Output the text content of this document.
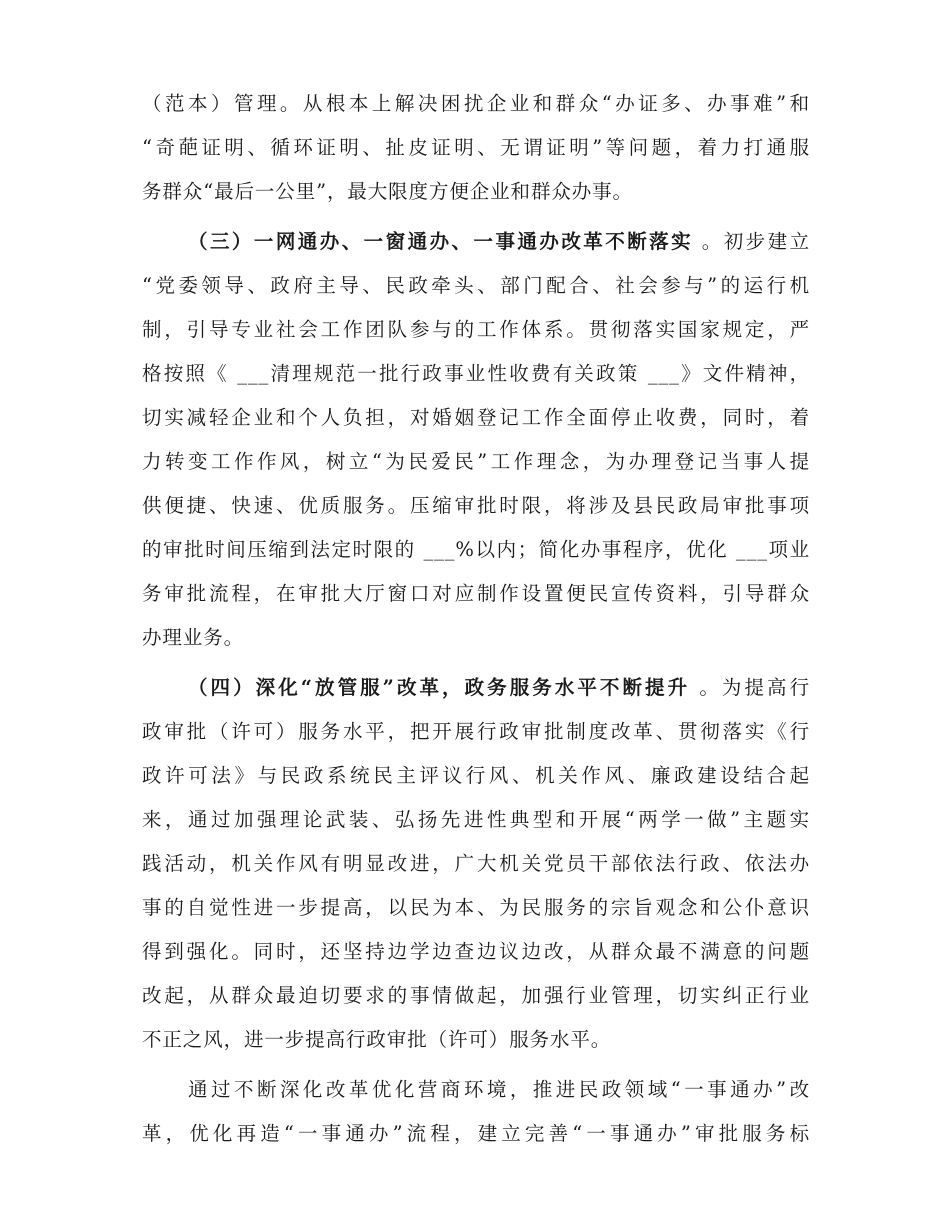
（范本）管理。从根本上解决困扰企业和群众“办证多、办事难”和
“奇葩证明、循环证明、扯皮证明、无谓证明”等问题，着力打通服
务群众“最后一公里”，最大限度方便企业和群众办事。
（三）一网通办、一窗通办、一事通办改革不断落实 。初步建立
“党委领导、政府主导、民政牵头、部门配合、社会参与”的运行机
制，引导专业社会工作团队参与的工作体系。贯彻落实国家规定，严
格按照《 ___清理规范一批行政事业性收费有关政策 ___》文件精神，
切实减轻企业和个人负担，对婚姻登记工作全面停止收费，同时，着
力转变工作作风，树立“为民爱民”工作理念，为办理登记当事人提
供便捷、快速、优质服务。压缩审批时限，将涉及县民政局审批事项
的审批时间压缩到法定时限的 ___%以内；简化办事程序，优化 ___项业
务审批流程，在审批大厅窗口对应制作设置便民宣传资料，引导群众
办理业务。
（四）深化“放管服”改革，政务服务水平不断提升 。为提高行
政审批（许可）服务水平，把开展行政审批制度改革、贯彻落实《行
政许可法》与民政系统民主评议行风、机关作风、廉政建设结合起
来，通过加强理论武装、弘扬先进性典型和开展“两学一做”主题实
践活动，机关作风有明显改进，广大机关党员干部依法行政、依法办
事的自觉性进一步提高，以民为本、为民服务的宗旨观念和公仆意识
得到强化。同时，还坚持边学边查边议边改，从群众最不满意的问题
改起，从群众最迫切要求的事情做起，加强行业管理，切实纠正行业
不正之风，进一步提高行政审批（许可）服务水平。
通过不断深化改革优化营商环境，推进民政领域“一事通办”改
革，优化再造“一事通办”流程，建立完善“一事通办”审批服务标
